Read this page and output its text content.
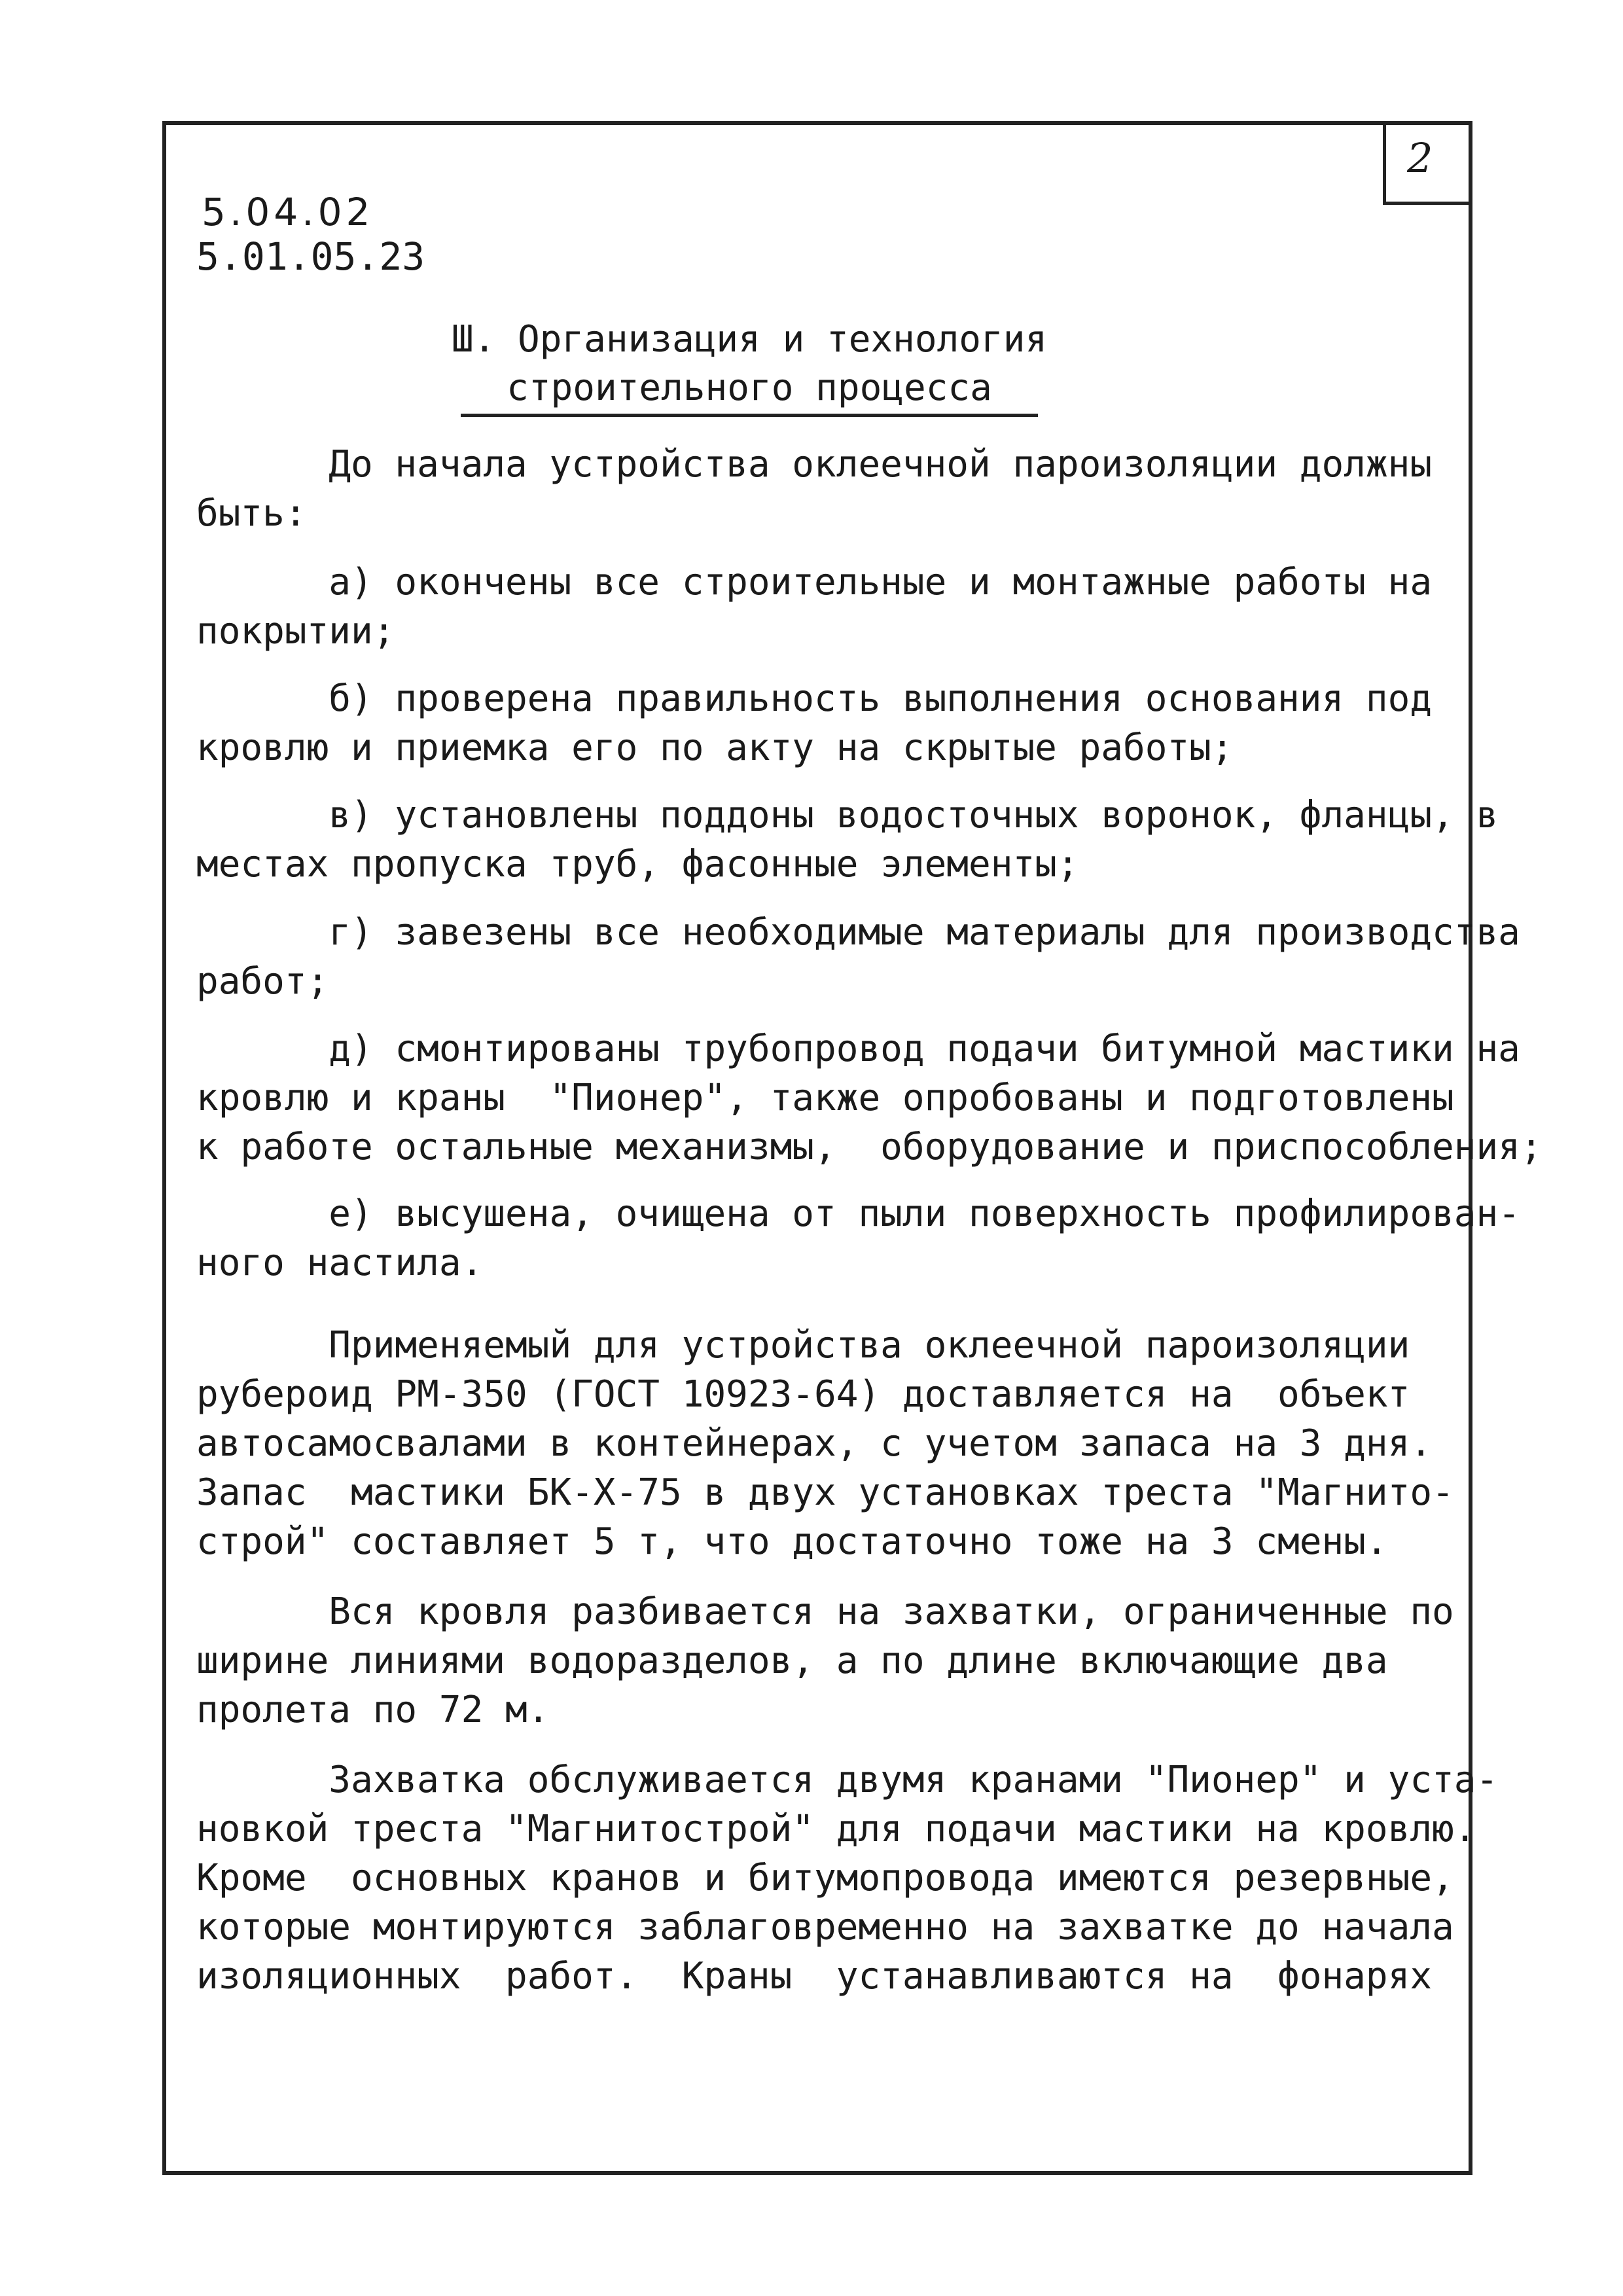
2
5.04.02
5.01.05.23
Ш. Организация и технология
строительного процесса
До начала устройства оклеечной пароизоляции должны
быть:
а) окончены все строительные и монтажные работы на
покрытии;
б) проверена правильность выполнения основания под
кровлю и приемка его по акту на скрытые работы;
в) установлены поддоны водосточных воронок, фланцы, в
местах пропуска труб, фасонные элементы;
г) завезены все необходимые материалы для производства
работ;
д) смонтированы трубопровод подачи битумной мастики на
кровлю и краны  "Пионер", также опробованы и подготовлены
к работе остальные механизмы,  оборудование и приспособления;
е) высушена, очищена от пыли поверхность профилирован-
ного настила.
Применяемый для устройства оклеечной пароизоляции
рубероид РМ-350 (ГОСТ 10923-64) доставляется на  объект
автосамосвалами в контейнерах, с учетом запаса на 3 дня.
Запас  мастики БК-Х-75 в двух установках треста "Магнито-
строй" составляет 5 т, что достаточно тоже на 3 смены.
Вся кровля разбивается на захватки, ограниченные по
ширине линиями водоразделов, а по длине включающие два
пролета по 72 м.
Захватка обслуживается двумя кранами "Пионер" и уста-
новкой треста "Магнитострой" для подачи мастики на кровлю.
Кроме  основных кранов и битумопровода имеются резервные,
которые монтируются заблаговременно на захватке до начала
изоляционных  работ.  Краны  устанавливаются на  фонарях
